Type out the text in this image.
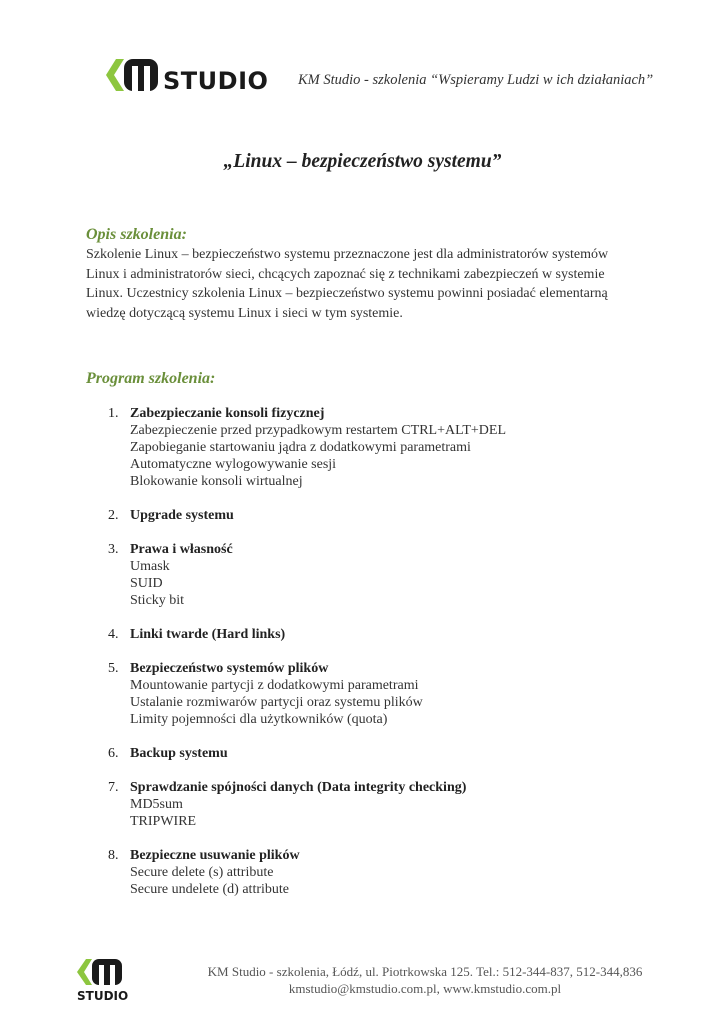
STUDIO KM Studio - szkolenia “Wspieramy Ludzi w ich działaniach”
„Linux – bezpieczeństwo systemu”
Opis szkolenia:
Szkolenie Linux – bezpieczeństwo systemu przeznaczone jest dla administratorów systemów
Linux i administratorów sieci, chcących zapoznać się z technikami zabezpieczeń w systemie
Linux. Uczestnicy szkolenia Linux – bezpieczeństwo systemu powinni posiadać elementarną
wiedzę dotyczącą systemu Linux i sieci w tym systemie.
Program szkolenia:
1. Zabezpieczanie konsoli fizycznej
Zabezpieczenie przed przypadkowym restartem CTRL+ALT+DEL
Zapobieganie startowaniu jądra z dodatkowymi parametrami
Automatyczne wylogowywanie sesji
Blokowanie konsoli wirtualnej
2. Upgrade systemu
3. Prawa i własność
Umask
SUID
Sticky bit
4. Linki twarde (Hard links)
5. Bezpieczeństwo systemów plików
Mountowanie partycji z dodatkowymi parametrami
Ustalanie rozmiwarów partycji oraz systemu plików
Limity pojemności dla użytkowników (quota)
6. Backup systemu
7. Sprawdzanie spójności danych (Data integrity checking)
MD5sum
TRIPWIRE
8. Bezpieczne usuwanie plików
Secure delete (s) attribute
Secure undelete (d) attribute
STUDIO
KM Studio - szkolenia, Łódź, ul. Piotrkowska 125. Tel.: 512-344-837, 512-344,836
kmstudio@kmstudio.com.pl, www.kmstudio.com.pl
